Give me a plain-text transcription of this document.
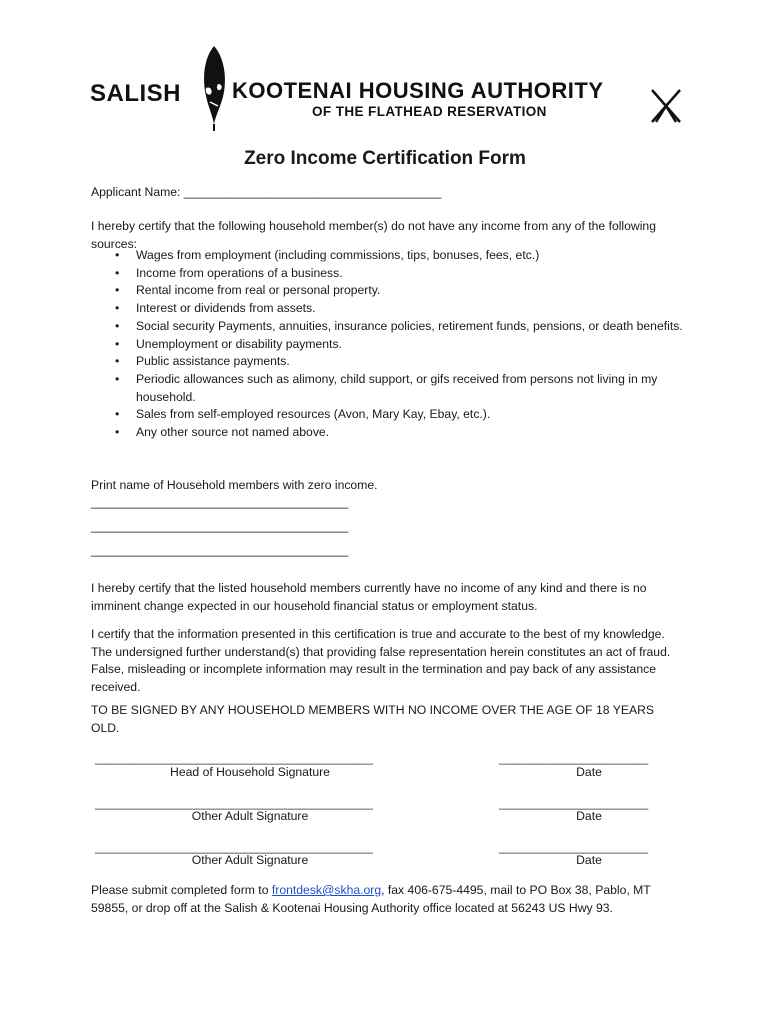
SALISH KOOTENAI HOUSING AUTHORITY
OF THE FLATHEAD RESERVATION
Zero Income Certification Form
Applicant Name: ______________________________________
I hereby certify that the following household member(s) do not have any income from any of the following sources:
• Wages from employment (including commissions, tips, bonuses, fees, etc.)
• Income from operations of a business.
• Rental income from real or personal property.
• Interest or dividends from assets.
• Social security Payments, annuities, insurance policies, retirement funds, pensions, or death benefits.
• Unemployment or disability payments.
• Public assistance payments.
• Periodic allowances such as alimony, child support, or gifs received from persons not living in my household.
• Sales from self-employed resources (Avon, Mary Kay, Ebay, etc.).
• Any other source not named above.
Print name of Household members with zero income.
______________________________________
______________________________________
______________________________________
I hereby certify that the listed household members currently have no income of any kind and there is no imminent change expected in our household financial status or employment status.
I certify that the information presented in this certification is true and accurate to the best of my knowledge. The undersigned further understand(s) that providing false representation herein constitutes an act of fraud. False, misleading or incomplete information may result in the termination and pay back of any assistance received.
TO BE SIGNED BY ANY HOUSEHOLD MEMBERS WITH NO INCOME OVER THE AGE OF 18 YEARS OLD.
_________________________________________
Head of Household Signature
______________________
Date
_________________________________________
Other Adult Signature
______________________
Date
_________________________________________
Other Adult Signature
______________________
Date
Please submit completed form to frontdesk@skha.org, fax 406-675-4495, mail to PO Box 38, Pablo, MT 59855, or drop off at the Salish & Kootenai Housing Authority office located at 56243 US Hwy 93.
